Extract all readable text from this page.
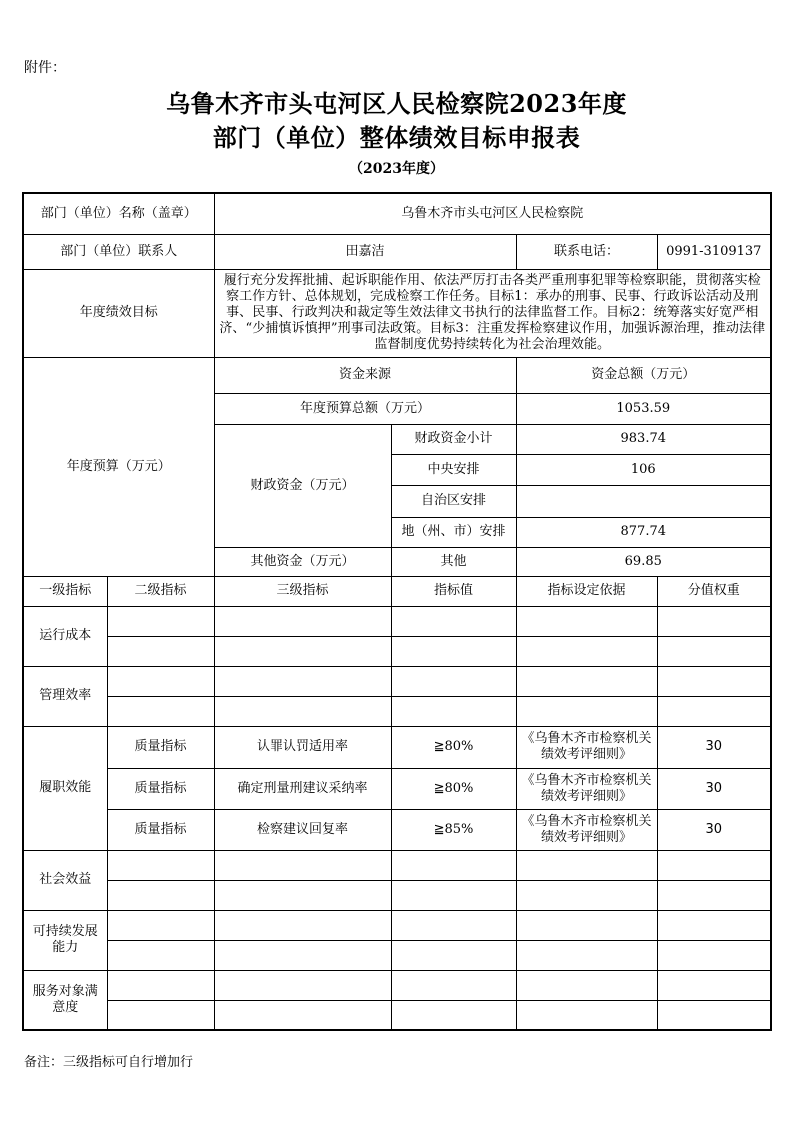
附件：
乌鲁木齐市头屯河区人民检察院2023年度
部门（单位）整体绩效目标申报表
（2023年度）
部门（单位）名称（盖章）		乌鲁木齐市头屯河区人民检察院			
部门（单位）联系人		田嘉洁		联系电话：	0991-3109137
年度绩效目标		履行充分发挥批捕、起诉职能作用、依法严厉打击各类严重刑事犯罪等检察职能，贯彻落实检察工作方针、总体规划，完成检察工作任务。目标1：承办的刑事、民事、行政诉讼活动及刑事、民事、行政判决和裁定等生效法律文书执行的法律监督工作。目标2：统筹落实好宽严相济、“少捕慎诉慎押”刑事司法政策。目标3：注重发挥检察建议作用，加强诉源治理，推动法律监督制度优势持续转化为社会治理效能。			
年度预算（万元）		资金来源		资金总额（万元）	
		年度预算总额（万元）		1053.59	
		财政资金（万元）	财政资金小计	983.74	
			中央安排	106	
			自治区安排		
			地（州、市）安排	877.74	
		其他资金（万元）	其他	69.85	
一级指标	二级指标	三级指标	指标值	指标设定依据	分值权重
运行成本					

管理效率					

履职效能	质量指标	认罪认罚适用率	≧80%	《乌鲁木齐市检察机关绩效考评细则》	30
	质量指标	确定刑量刑建议采纳率	≧80%	《乌鲁木齐市检察机关绩效考评细则》	30
	质量指标	检察建议回复率	≧85%	《乌鲁木齐市检察机关绩效考评细则》	30
社会效益					

可持续发展能力					

服务对象满意度					

备注：三级指标可自行增加行
